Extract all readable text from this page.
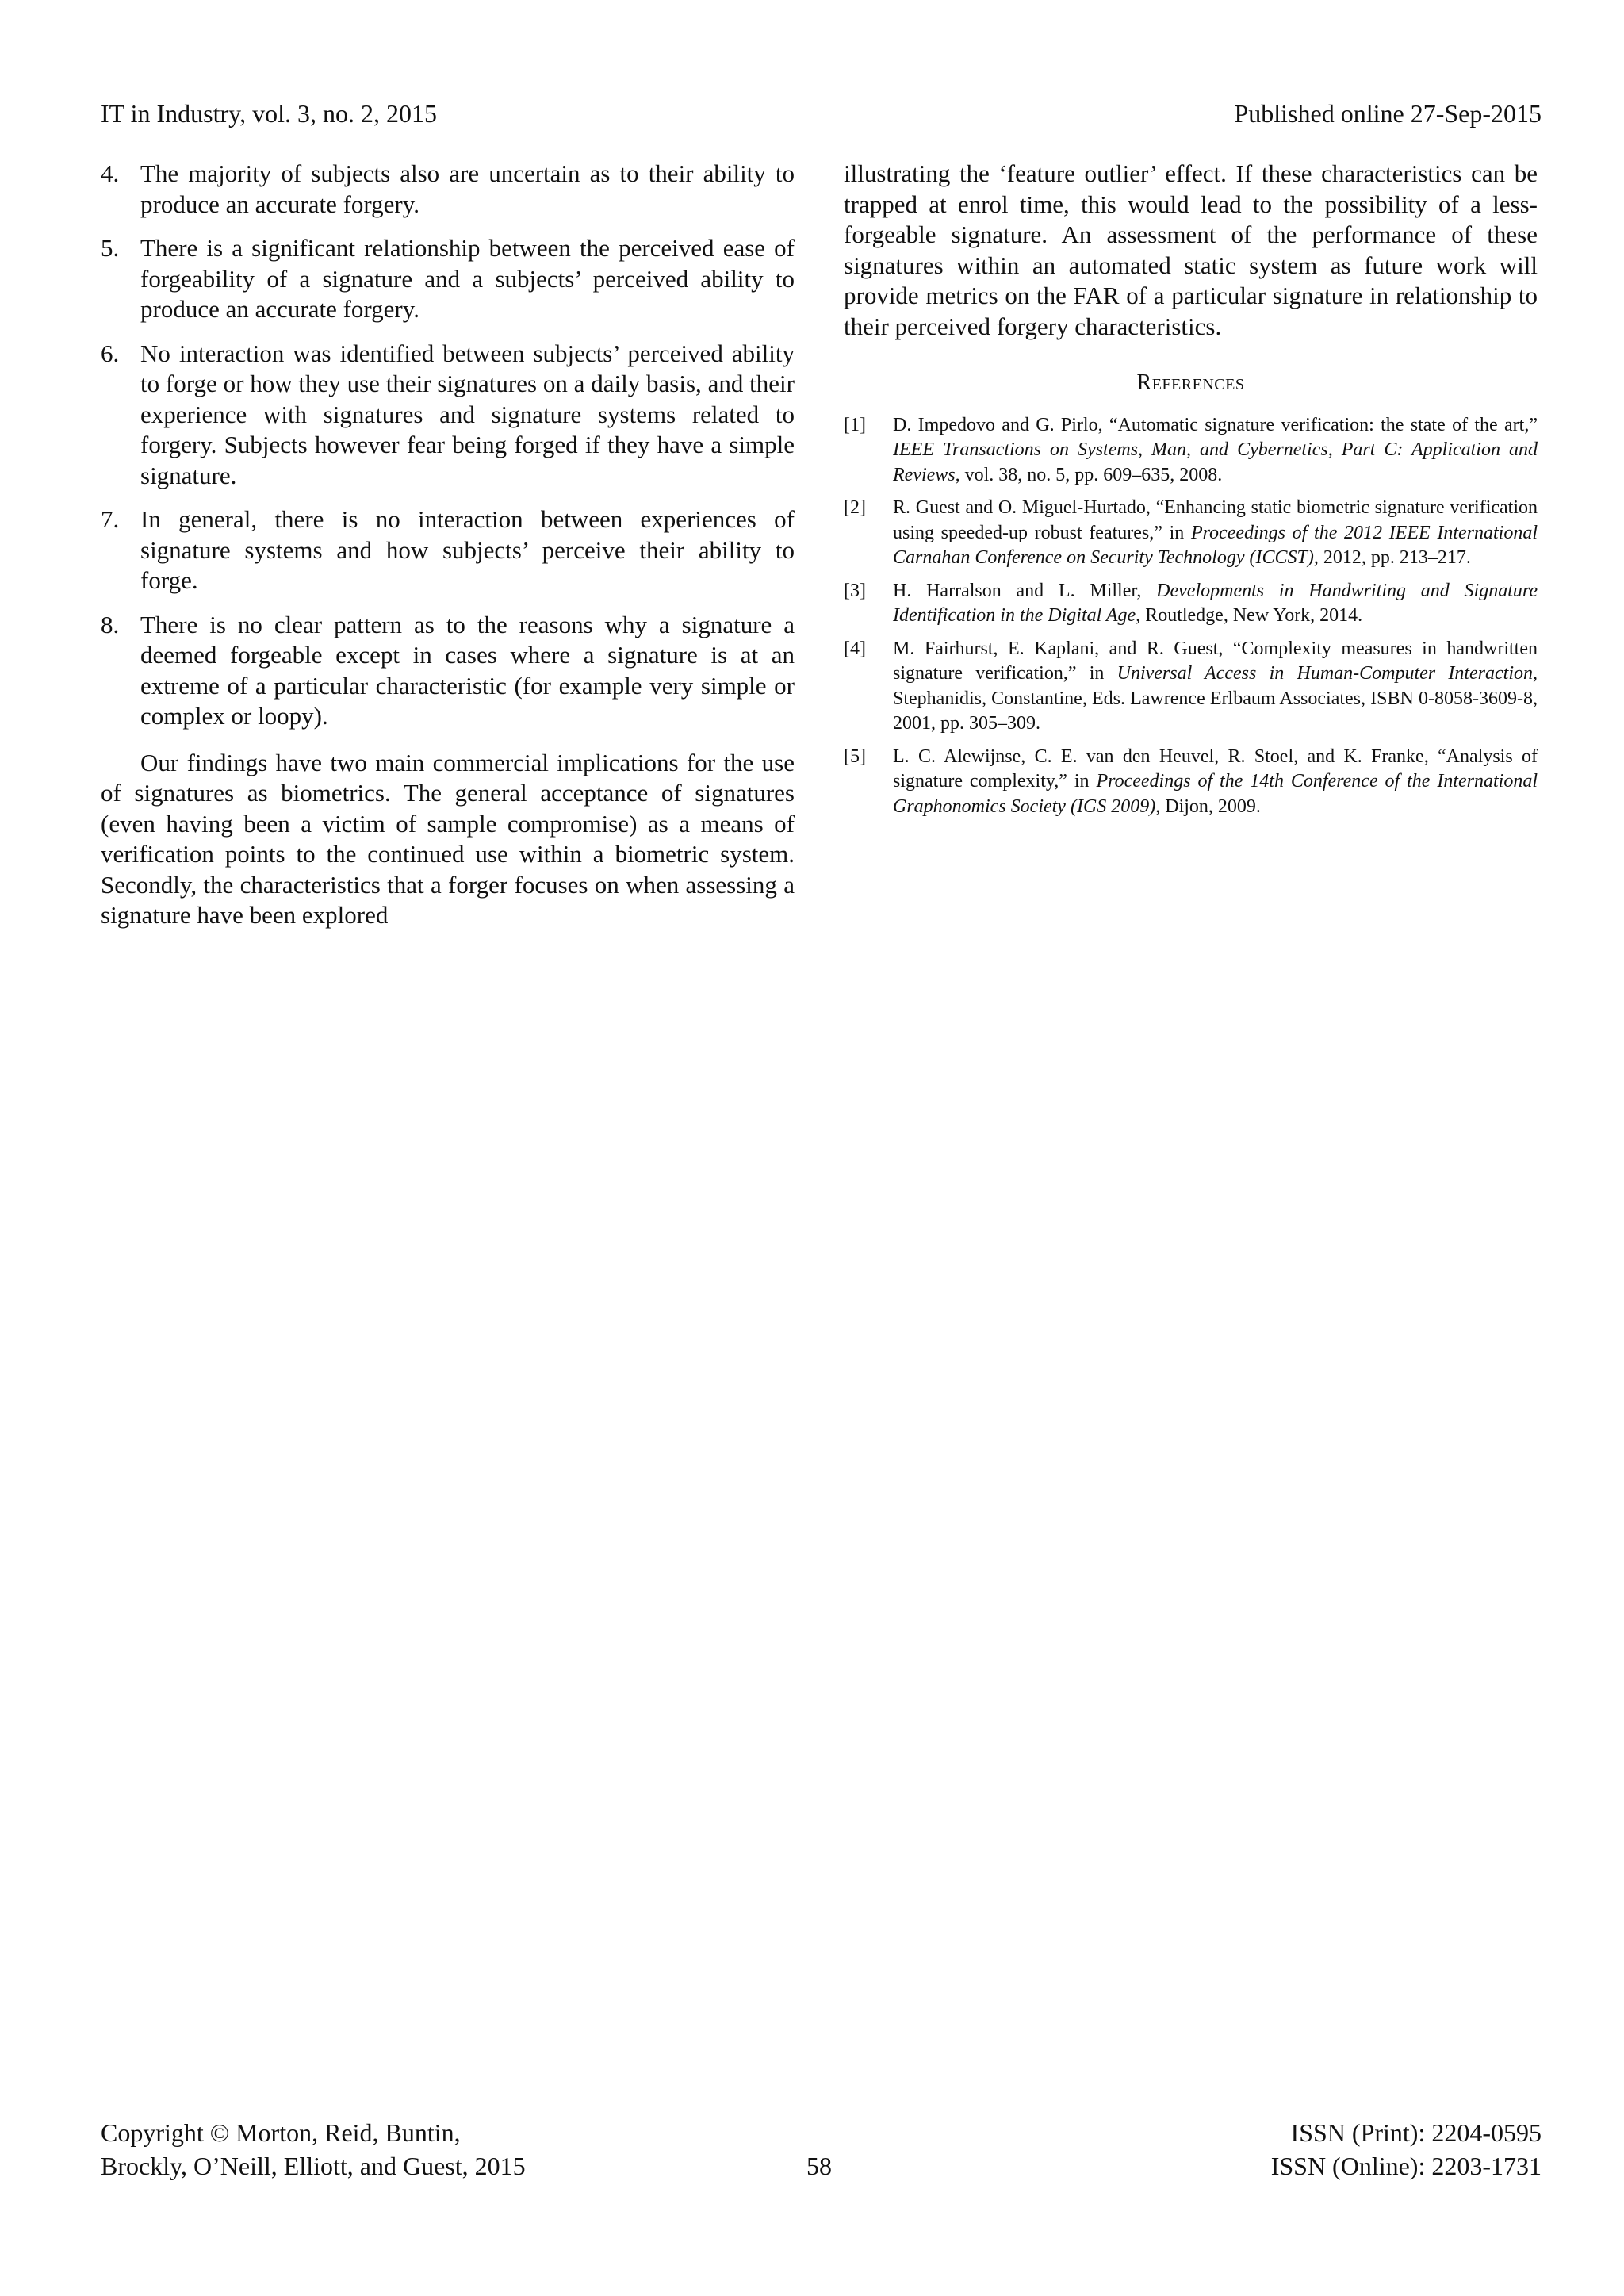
IT in Industry, vol. 3, no. 2, 2015	Published online 27-Sep-2015
4. The majority of subjects also are uncertain as to their ability to produce an accurate forgery.
5. There is a significant relationship between the perceived ease of forgeability of a signature and a subjects’ perceived ability to produce an accurate forgery.
6. No interaction was identified between subjects’ perceived ability to forge or how they use their signatures on a daily basis, and their experience with signatures and signature systems related to forgery. Subjects however fear being forged if they have a simple signature.
7. In general, there is no interaction between experiences of signature systems and how subjects’ perceive their ability to forge.
8. There is no clear pattern as to the reasons why a signature a deemed forgeable except in cases where a signature is at an extreme of a particular characteristic (for example very simple or complex or loopy).

Our findings have two main commercial implications for the use of signatures as biometrics. The general acceptance of signatures (even having been a victim of sample compromise) as a means of verification points to the continued use within a biometric system. Secondly, the characteristics that a forger focuses on when assessing a signature have been explored

illustrating the ‘feature outlier’ effect. If these characteristics can be trapped at enrol time, this would lead to the possibility of a less-forgeable signature. An assessment of the performance of these signatures within an automated static system as future work will provide metrics on the FAR of a particular signature in relationship to their perceived forgery characteristics.

References
[1]	D. Impedovo and G. Pirlo, “Automatic signature verification: the state of the art,” IEEE Transactions on Systems, Man, and Cybernetics, Part C: Application and Reviews, vol. 38, no. 5, pp. 609–635, 2008.
[2]	R. Guest and O. Miguel-Hurtado, “Enhancing static biometric signature verification using speeded-up robust features,” in Proceedings of the 2012 IEEE International Carnahan Conference on Security Technology (ICCST), 2012, pp. 213–217.
[3]	H. Harralson and L. Miller, Developments in Handwriting and Signature Identification in the Digital Age, Routledge, New York, 2014.
[4]	M. Fairhurst, E. Kaplani, and R. Guest, “Complexity measures in handwritten signature verification,” in Universal Access in Human-Computer Interaction, Stephanidis, Constantine, Eds. Lawrence Erlbaum Associates, ISBN 0-8058-3609-8, 2001, pp. 305–309.
[5]	L. C. Alewijnse, C. E. van den Heuvel, R. Stoel, and K. Franke, “Analysis of signature complexity,” in Proceedings of the 14th Conference of the International Graphonomics Society (IGS 2009), Dijon, 2009.
Copyright © Morton, Reid, Buntin,
Brockly, O’Neill, Elliott, and Guest, 2015	58
ISSN (Print): 2204-0595
ISSN (Online): 2203-1731
